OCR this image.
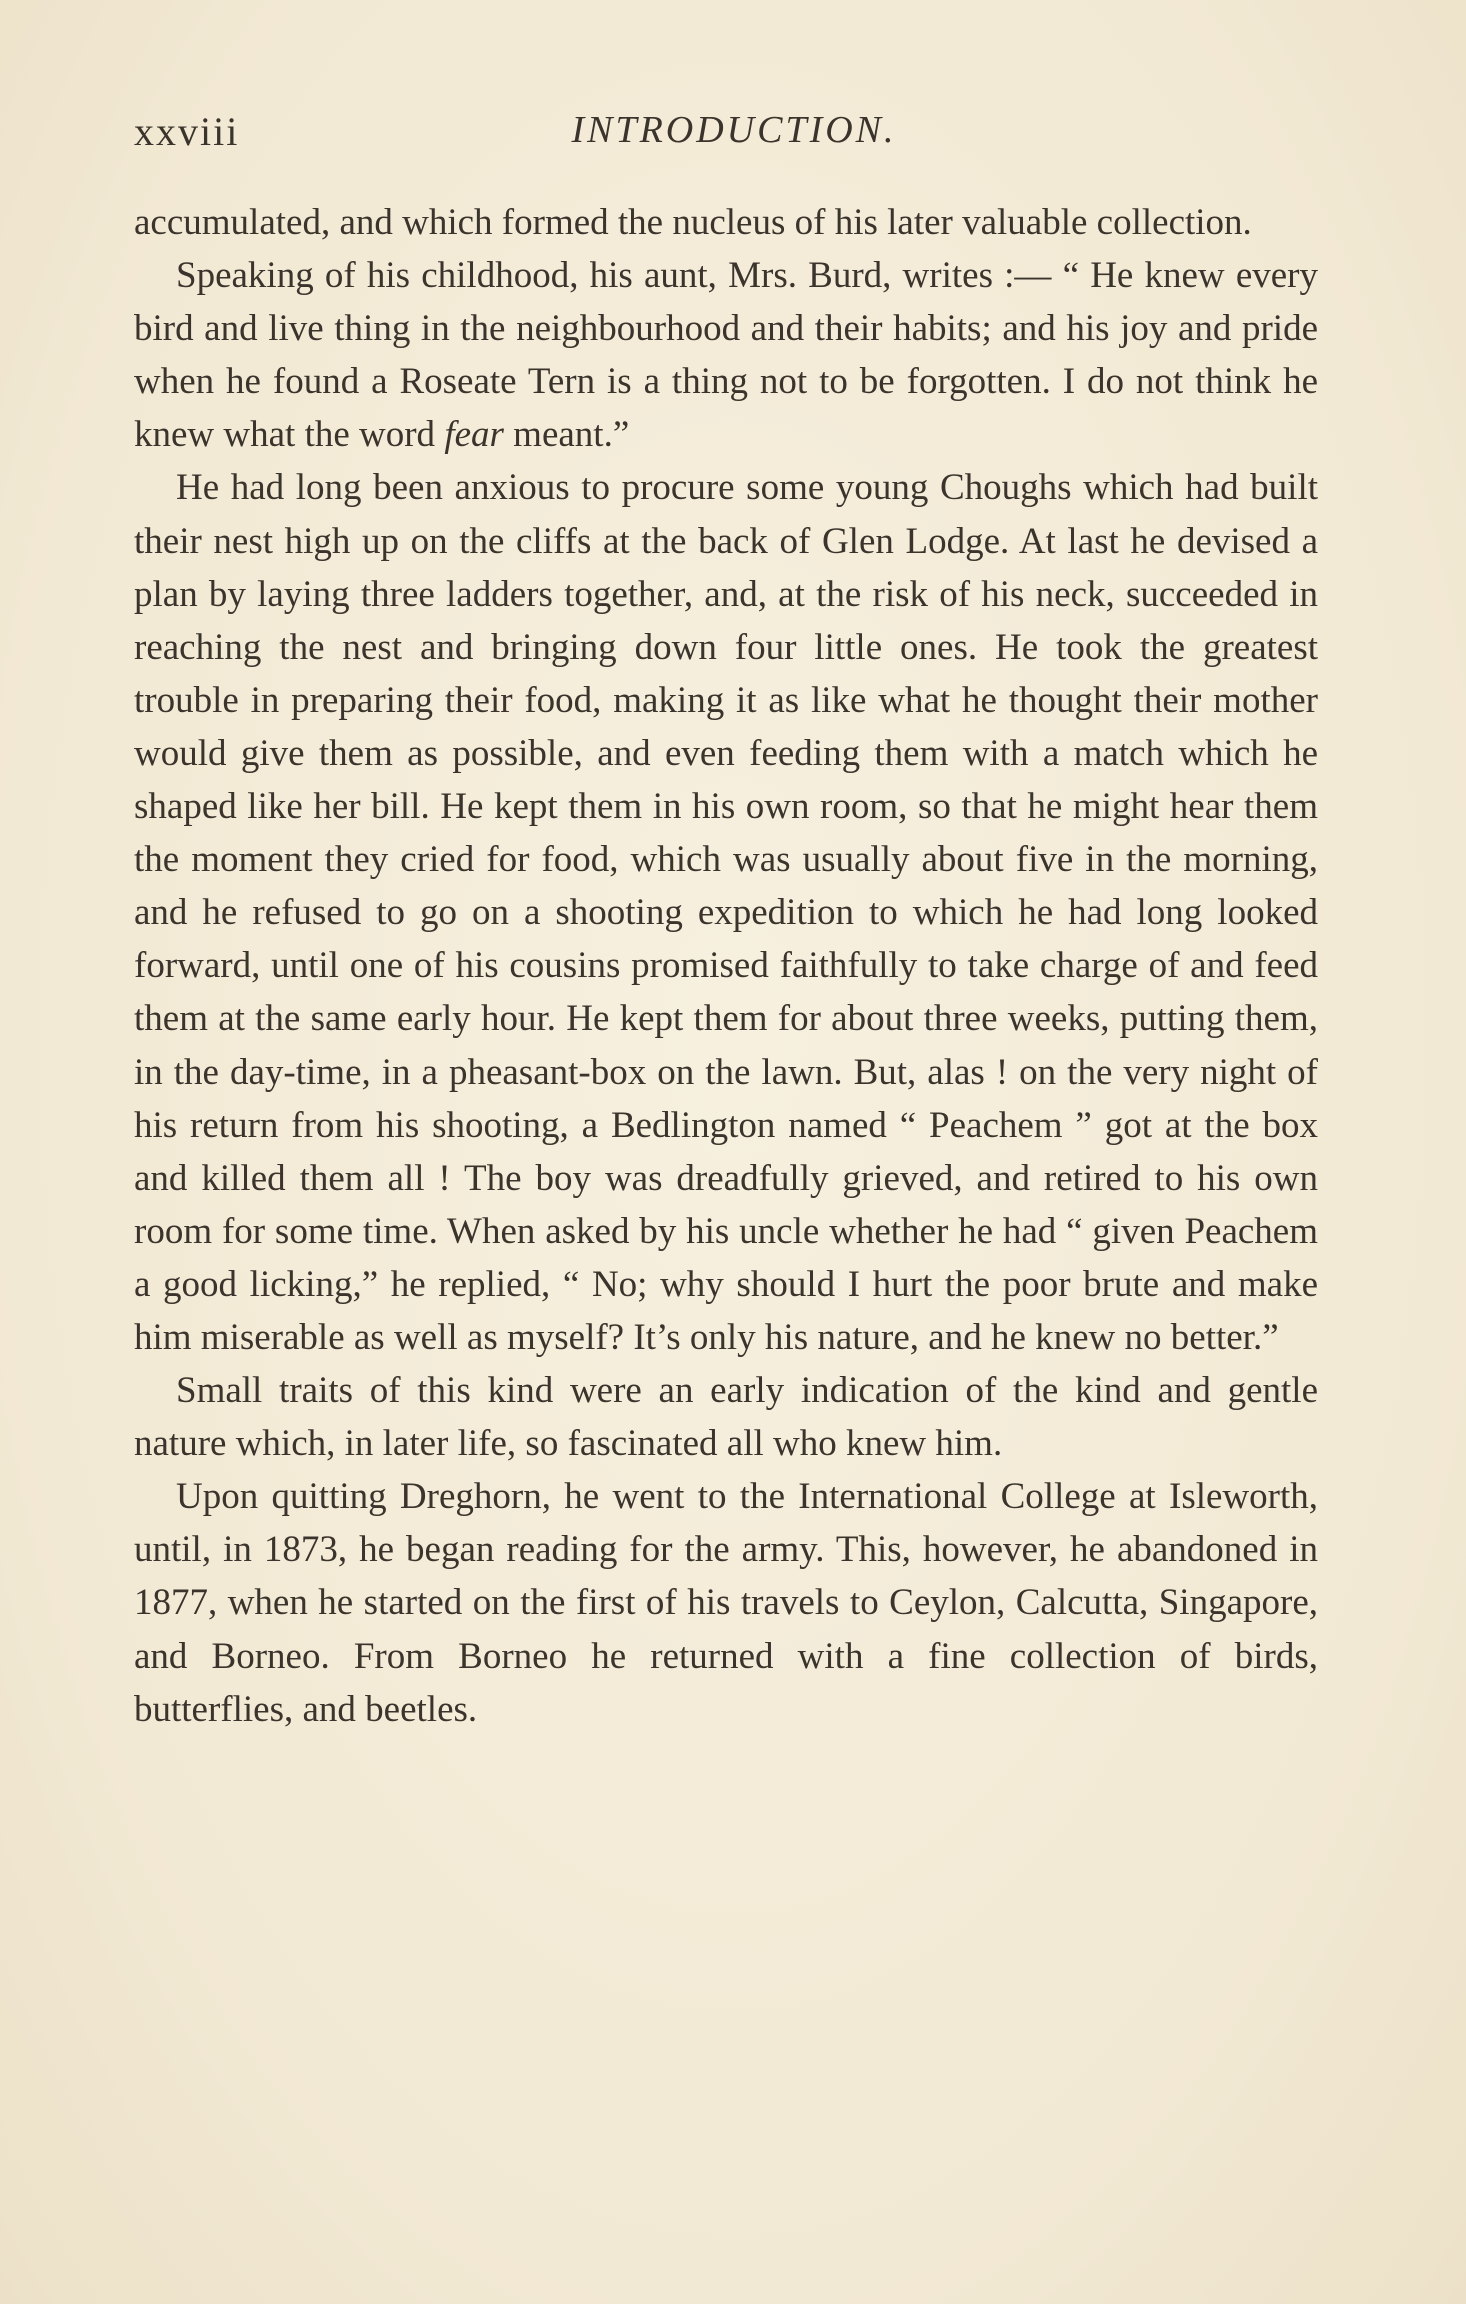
xxviii	INTRODUCTION.

accumulated, and which formed the nucleus of his later valuable collection.

Speaking of his childhood, his aunt, Mrs. Burd, writes :— “ He knew every bird and live thing in the neighbourhood and their habits; and his joy and pride when he found a Roseate Tern is a thing not to be forgotten. I do not think he knew what the word fear meant.”

He had long been anxious to procure some young Choughs which had built their nest high up on the cliffs at the back of Glen Lodge. At last he devised a plan by laying three ladders together, and, at the risk of his neck, succeeded in reaching the nest and bringing down four little ones. He took the greatest trouble in preparing their food, making it as like what he thought their mother would give them as possible, and even feeding them with a match which he shaped like her bill. He kept them in his own room, so that he might hear them the moment they cried for food, which was usually about five in the morning, and he refused to go on a shooting expedition to which he had long looked forward, until one of his cousins promised faithfully to take charge of and feed them at the same early hour. He kept them for about three weeks, putting them, in the day-time, in a pheasant-box on the lawn. But, alas ! on the very night of his return from his shooting, a Bedlington named “ Peachem ” got at the box and killed them all ! The boy was dreadfully grieved, and retired to his own room for some time. When asked by his uncle whether he had “ given Peachem a good licking,” he replied, “ No; why should I hurt the poor brute and make him miserable as well as myself? It’s only his nature, and he knew no better.”

Small traits of this kind were an early indication of the kind and gentle nature which, in later life, so fascinated all who knew him.

Upon quitting Dreghorn, he went to the International College at Isleworth, until, in 1873, he began reading for the army. This, however, he abandoned in 1877, when he started on the first of his travels to Ceylon, Calcutta, Singapore, and Borneo. From Borneo he returned with a fine collection of birds, butterflies, and beetles.
